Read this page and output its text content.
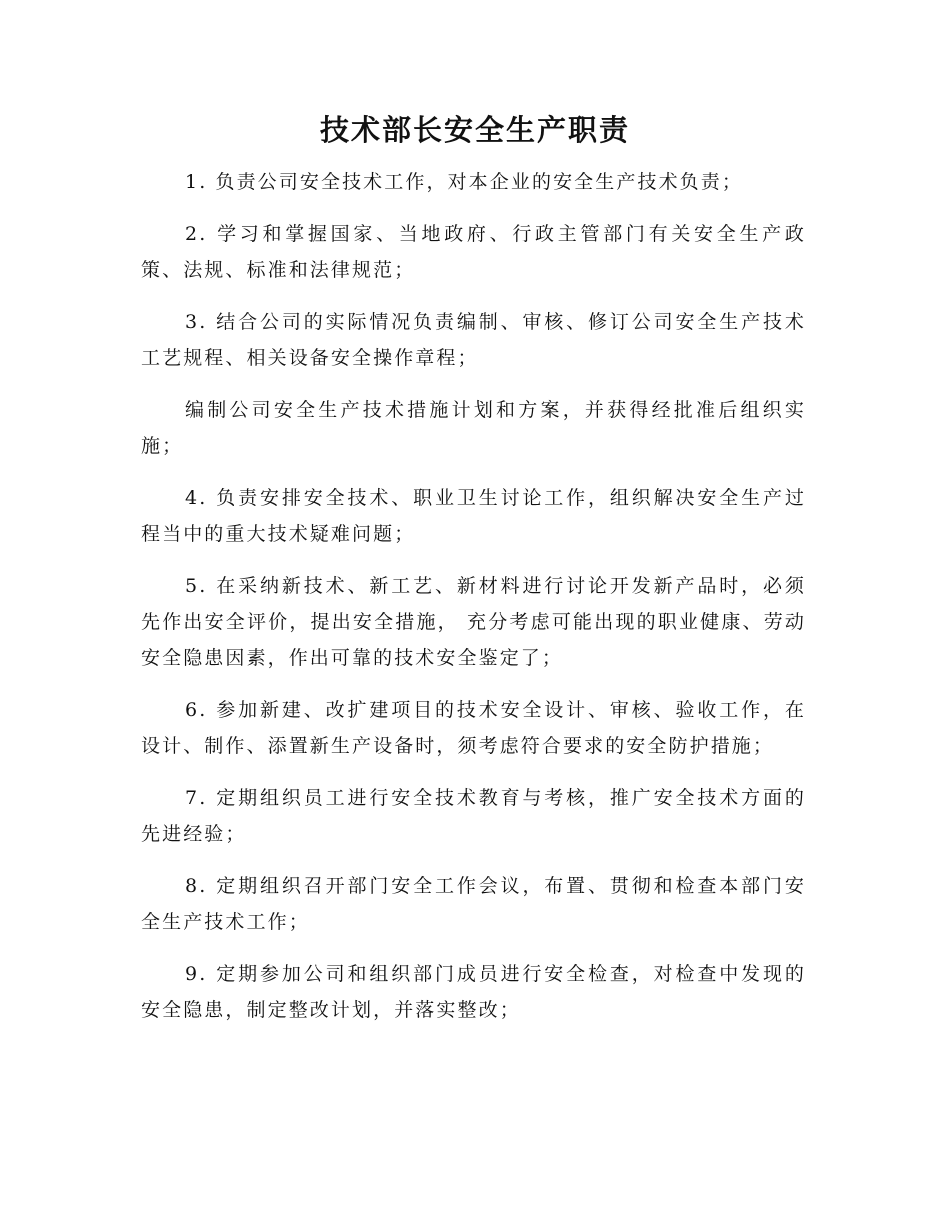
技术部长安全生产职责

1. 负责公司安全技术工作，对本企业的安全生产技术负责；

2. 学习和掌握国家、当地政府、行政主管部门有关安全生产政策、法规、标准和法律规范；

3. 结合公司的实际情况负责编制、审核、修订公司安全生产技术工艺规程、相关设备安全操作章程；

编制公司安全生产技术措施计划和方案，并获得经批准后组织实施；

4. 负责安排安全技术、职业卫生讨论工作，组织解决安全生产过程当中的重大技术疑难问题；

5. 在采纳新技术、新工艺、新材料进行讨论开发新产品时，必须先作出安全评价，提出安全措施， 充分考虑可能出现的职业健康、劳动安全隐患因素，作出可靠的技术安全鉴定了；

6. 参加新建、改扩建项目的技术安全设计、审核、验收工作，在设计、制作、添置新生产设备时，须考虑符合要求的安全防护措施；

7. 定期组织员工进行安全技术教育与考核，推广安全技术方面的先进经验；

8. 定期组织召开部门安全工作会议，布置、贯彻和检查本部门安全生产技术工作；

9. 定期参加公司和组织部门成员进行安全检查，对检查中发现的安全隐患，制定整改计划，并落实整改；
